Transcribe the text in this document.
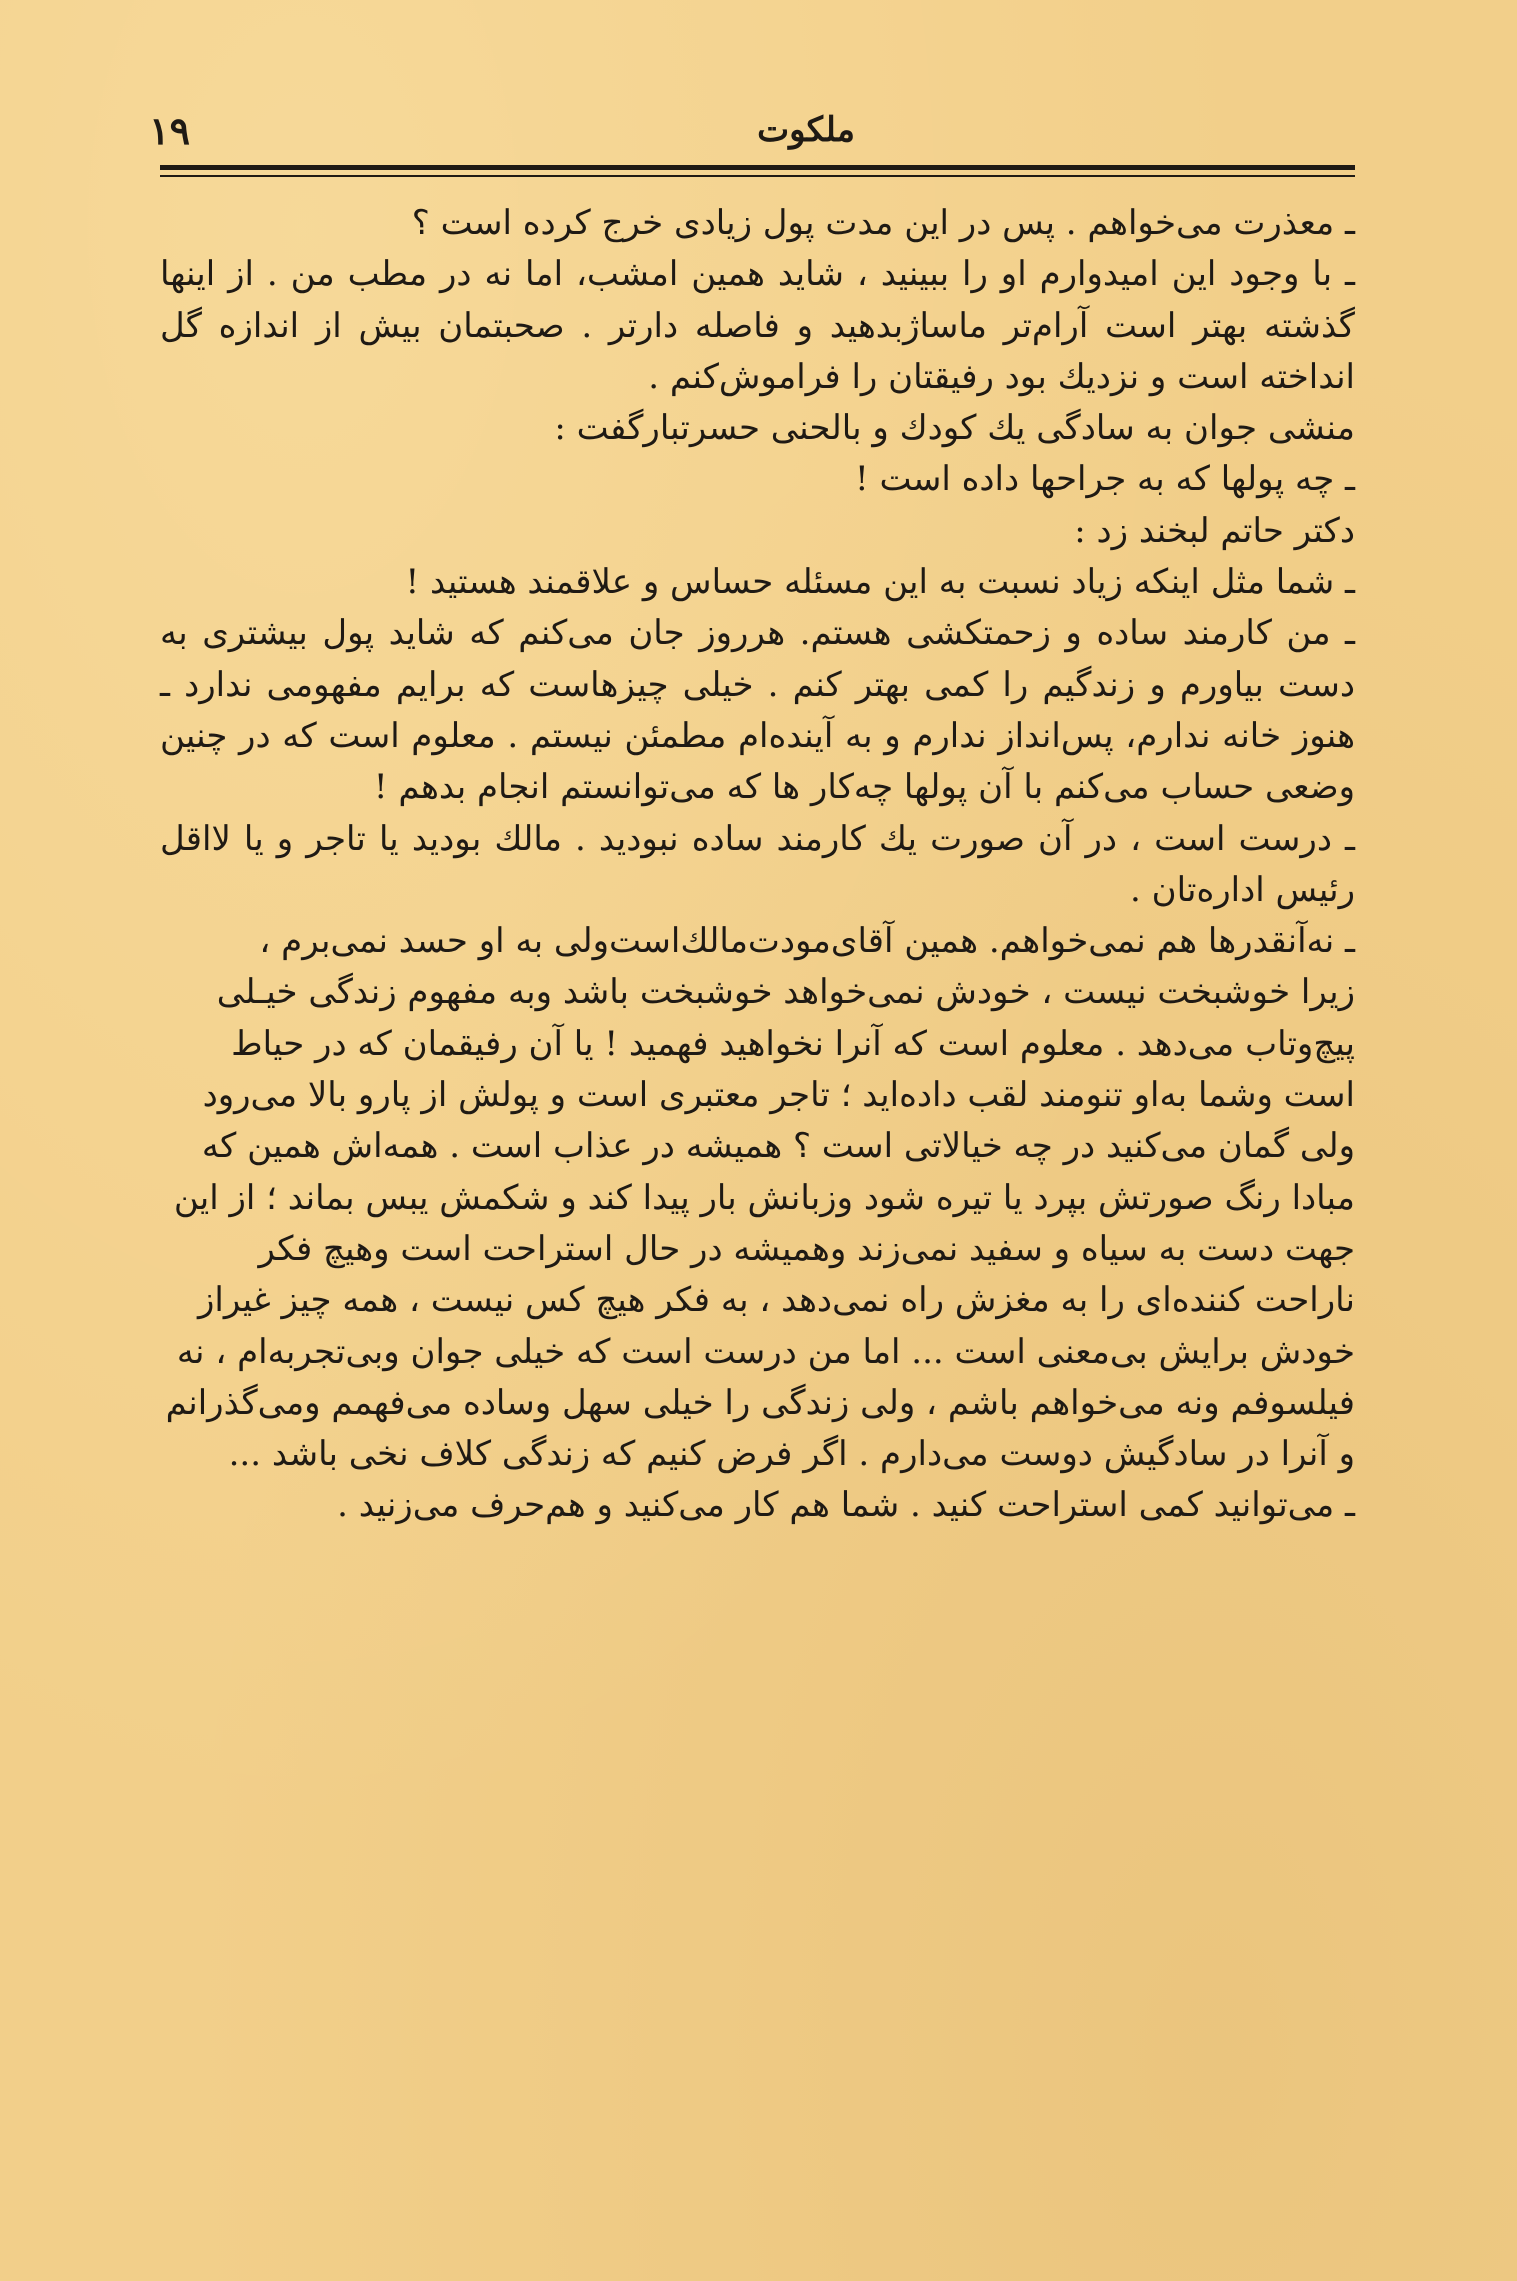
ملکوت
۱۹

ـ معذرت می‌خواهم . پس در این مدت پول زیادی خرج کرده است ؟

ـ با وجود این امیدوارم او را ببینید ، شاید همین امشب، اما نه در مطب من . از اینها گذشته بهتر است آرام‌تر ماساژبدهید و فاصله دارتر . صحبتمان بیش از اندازه گل انداخته است و نزدیك بود رفیقتان را فراموش‌کنم .

منشی جوان به سادگی یك کودك و بالحنی حسرتبارگفت :

ـ چه پولها که به جراحها داده است !

دکتر حاتم لبخند زد :

ـ شما مثل اینکه زیاد نسبت به این مسئله حساس و علاقمند هستید !

ـ من کارمند ساده و زحمتکشی هستم. هرروز جان می‌کنم که شاید پول بیشتری به دست بیاورم و زندگیم را کمی بهتر کنم . خیلی چیزهاست که برایم مفهومی ندارد ـ هنوز خانه ندارم، پس‌انداز ندارم و به آینده‌ام مطمئن نیستم . معلوم است که در چنین وضعی حساب می‌کنم با آن پولها چه‌کار ها که می‌توانستم انجام بدهم !

ـ درست است ، در آن صورت یك کارمند ساده نبودید . مالك بودید یا تاجر و یا لااقل رئیس اداره‌تان .

ـ نه‌آنقدرها هم نمی‌خواهم. همین آقای‌مودت‌مالك‌است‌ولی به او حسد نمی‌برم ،

زیرا خوشبخت نیست ، خودش نمی‌خواهد خوشبخت باشد وبه مفهوم زندگی خیـلی پیچ‌وتاب می‌دهد . معلوم است که آنرا نخواهید فهمید ! یا آن رفیقمان که در حیاط است وشما به‌او تنومند لقب داده‌اید ؛ تاجر معتبری است و پولش از پارو بالا می‌رود ولی گمان می‌کنید در چه خیالاتی است ؟ همیشه در عذاب است . همه‌اش همین که مبادا رنگ صورتش بپرد یا تیره شود وزبانش بار پیدا کند و شکمش یبس بماند ؛ از این جهت دست به سیاه و سفید نمی‌زند وهمیشه در حال استراحت است وهیچ فکر ناراحت کننده‌ای را به مغزش راه نمی‌دهد ، به فکر هیچ کس نیست ، همه چیز غیراز خودش برایش بی‌معنی است ... اما من درست است که خیلی جوان وبی‌تجربه‌ام ، نه فیلسوفم ونه می‌خواهم باشم ، ولی زندگی را خیلی سهل وساده می‌فهمم ومی‌گذرانم و آنرا در سادگیش دوست می‌دارم . اگر فرض کنیم که زندگی کلاف نخی باشد ...

ـ می‌توانید کمی استراحت کنید . شما هم کار می‌کنید و هم‌حرف می‌زنید .
